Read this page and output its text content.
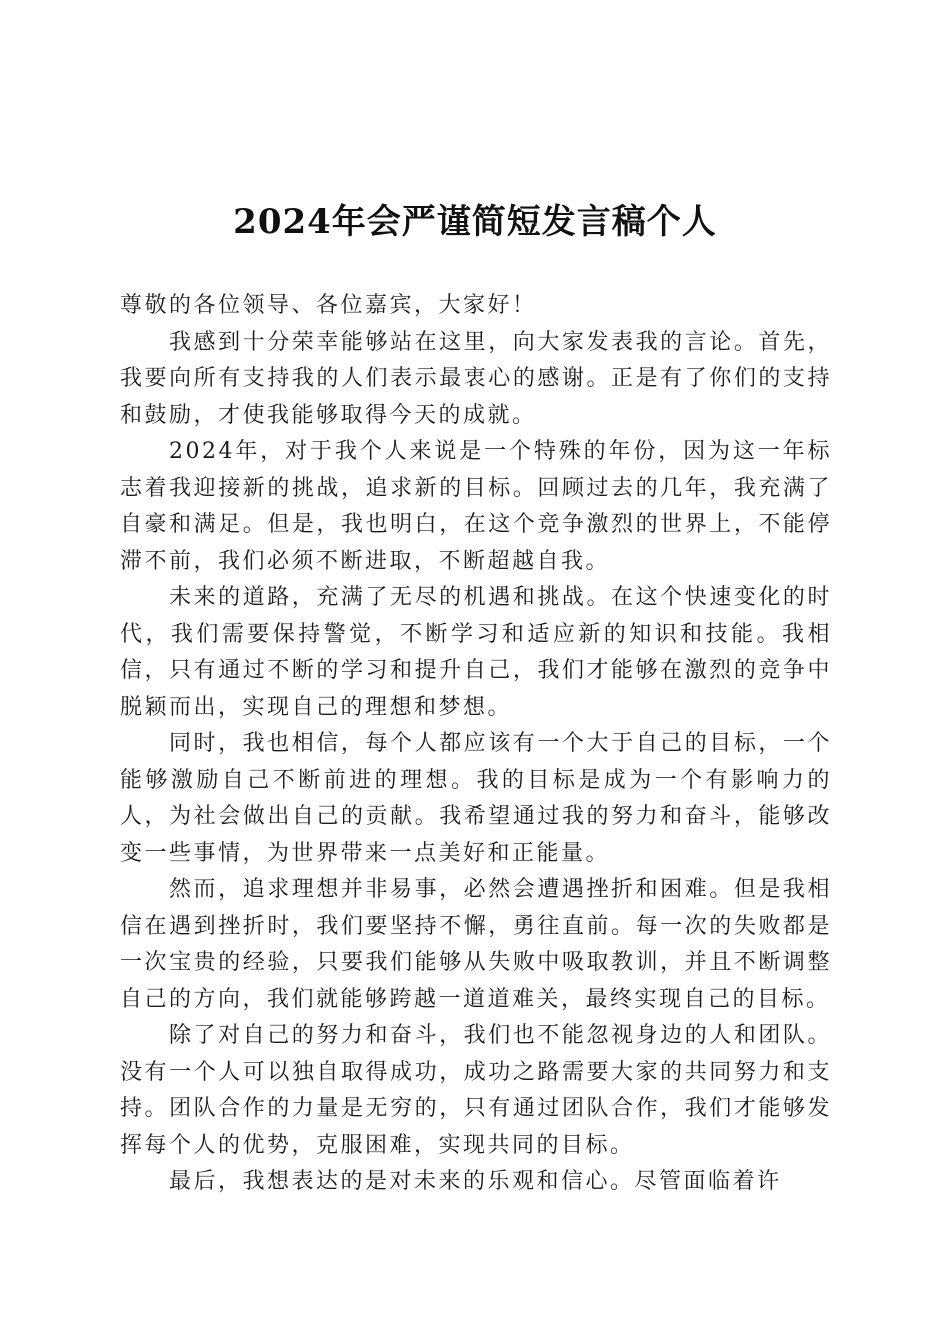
2024年会严谨简短发言稿个人

尊敬的各位领导、各位嘉宾，大家好！

我感到十分荣幸能够站在这里，向大家发表我的言论。首先，我要向所有支持我的人们表示最衷心的感谢。正是有了你们的支持和鼓励，才使我能够取得今天的成就。

2024年，对于我个人来说是一个特殊的年份，因为这一年标志着我迎接新的挑战，追求新的目标。回顾过去的几年，我充满了自豪和满足。但是，我也明白，在这个竞争激烈的世界上，不能停滞不前，我们必须不断进取，不断超越自我。

未来的道路，充满了无尽的机遇和挑战。在这个快速变化的时代，我们需要保持警觉，不断学习和适应新的知识和技能。我相信，只有通过不断的学习和提升自己，我们才能够在激烈的竞争中脱颖而出，实现自己的理想和梦想。

同时，我也相信，每个人都应该有一个大于自己的目标，一个能够激励自己不断前进的理想。我的目标是成为一个有影响力的人，为社会做出自己的贡献。我希望通过我的努力和奋斗，能够改变一些事情，为世界带来一点美好和正能量。

然而，追求理想并非易事，必然会遭遇挫折和困难。但是我相信在遇到挫折时，我们要坚持不懈，勇往直前。每一次的失败都是一次宝贵的经验，只要我们能够从失败中吸取教训，并且不断调整自己的方向，我们就能够跨越一道道难关，最终实现自己的目标。

除了对自己的努力和奋斗，我们也不能忽视身边的人和团队。没有一个人可以独自取得成功，成功之路需要大家的共同努力和支持。团队合作的力量是无穷的，只有通过团队合作，我们才能够发挥每个人的优势，克服困难，实现共同的目标。

最后，我想表达的是对未来的乐观和信心。尽管面临着许
